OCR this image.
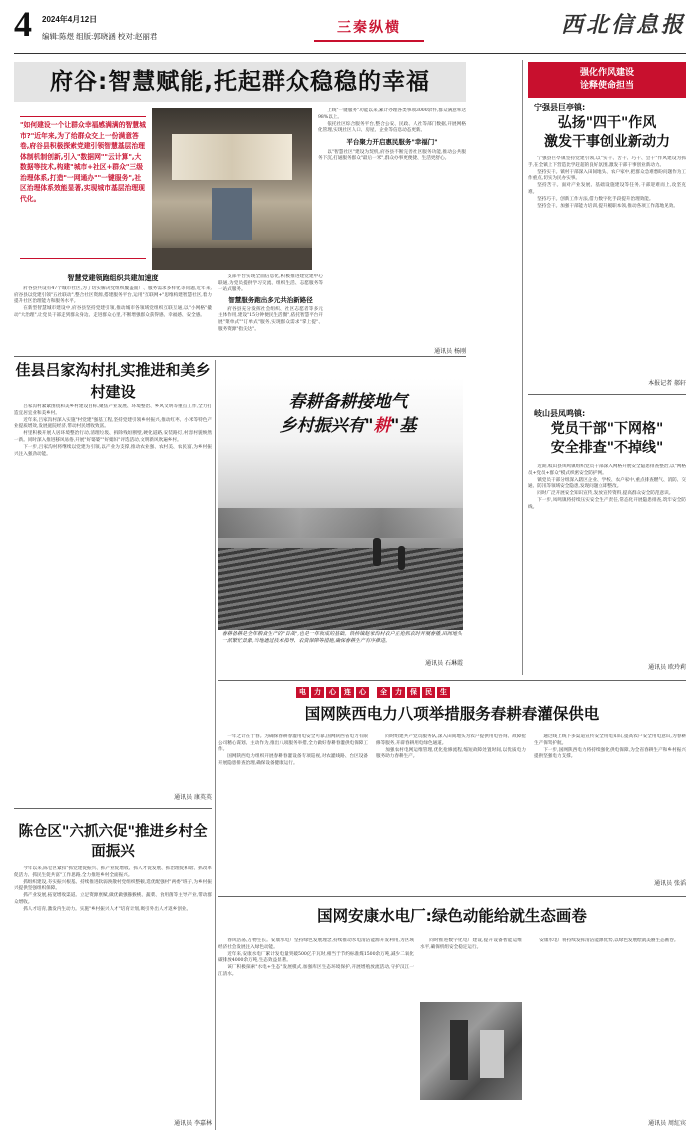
4 2024年4月12日
编辑:陈煜 组版:郭晓涵 校对:赵丽君
三秦纵横	西北信息报
府谷:智慧赋能,托起群众稳稳的幸福
"如何建设一个让群众幸福感满满的智慧城市?"近年来,为了给群众交上一份满意答卷,府谷县积极探索党建引领智慧基层治理体制机制创新,引入"数据网""云计算",大数据等技术,构建"城市+社区+群众"三级治理体系,打造"一网通办""一键服务",社区治理体系效能显著,实现城市基层治理现代化。
智慧党建领跑组织共建加速度

府谷县共设有47个城市社区,为了切实解决党组织覆盖面广、服务需求多样化等问题,近年来,府谷县以党建引领"五社联动",整合社区资源,搭建服务平台,运用"互联网+"思维构建智慧社区,着力提升社区治理能力和服务水平。

在新型智慧城市建设中,府谷县坚持党建引领,推动城市各领域党组织互联互通,以"小网格"撬动"大治理",让党员干部走到群众身边、走进群众心里,不断增强群众获得感、幸福感、安全感。

支部平台实现全面信息化,积极推进建党建中心联通,为党员提供学习交流、组织生活、志愿服务等一站式服务。

智慧服务跑出多元共治新路径

府谷县充分发挥社会组织、社区志愿者等多元主体作用,建设"15分钟便民生活圈",依托智慧平台开展"菜单式""订单式"服务,实现群众需求"掌上提"、服务资源"指尖达"。

上线"一键服务"功能以来,累计办理各类事项3000余件,群众满意率达98%以上。

依托社区综合服务平台,整合公安、民政、人社等部门数据,开展网格化管理,实现社区人口、房屋、企业等信息动态更新。

平台聚力开启惠民服务"幸福门"

以"智慧社区"建设为契机,府谷县不断完善社区服务功能,推动公共服务下沉,打通服务群众"最后一米",群众办事更便捷、生活更舒心。

通讯员 杨刚
佳县吕家沟村扎实推进和美乡村建设

吕家沟村紧紧围绕和美乡村建设目标,聚焦产业发展、环境整治、乡风文明等重点工作,全力打造宜居宜业和美乡村。

近年来,吕家沟村深入实施"村党建"强基工程,坚持党建引领乡村振兴,推动红枣、小米等特色产业提质增效,发展庭院经济,带动村民增收致富。

村里积极开展人居环境整治行动,清理垃圾、拆除残垣断壁,硬化道路,安装路灯,村容村貌焕然一新。同时深入推进移风易俗,开展"好婆婆""好媳妇"评选活动,文明新风吹遍乡村。

下一步,吕家沟村将继续以党建为引领,以产业为支撑,推动农业强、农村美、农民富,为乡村振兴注入强劲动能。

通讯员 康英英
陈仓区"六抓六促"推进乡村全面振兴

今年以来,陈仓区紧扣"抓党建促振兴、抓产业促增收、抓人才促发展、抓治理促和谐、抓改革促活力、抓民生促共富"工作思路,全力推进乡村全面振兴。

抓组织建设,夯实振兴根基。持续推进软弱涣散村党组织整顿,选优配强村"两委"班子,为乡村振兴提供坚强组织保障。

抓产业发展,拓宽增收渠道。立足资源禀赋,做优做强猕猴桃、蔬菜、食用菌等主导产业,带动群众增收。

抓人才培育,激发内生动力。实施"乡村振兴人才"培育计划,吸引外出人才返乡创业。

通讯员 李嘉林
春耕备耕接地气
乡村振兴有"耕"基
春耕备耕是全年粮食生产的"首战",也是一年收成的基础。铁桥镇赵家沟村农户正抢抓农时开展春播,田间地头一派繁忙景象,当地通过技术指导、农资保障等措施,确保春耕生产有序推进。
通讯员 石琳霞
强化作风建设
诠释使命担当
宁强县巨亭镇:
弘扬"四干"作风
激发干事创业新动力

宁强县巨亭镇坚持党建引领,以"实干、苦干、巧干、会干"作风建设为抓手,在全镇上下营造比学赶超的良好氛围,激发干部干事创业新动力。

坚持实干。镇村干部深入田间地头、农户家中,把群众急难愁盼问题作为工作重点,切实为民办实事。

坚持苦干。面对产业发展、基础设施建设等任务,干部迎难而上,攻坚克难。

坚持巧干。创新工作方法,借力数字化手段提升治理效能。

坚持会干。加强干部能力培训,提升履职本领,推动各项工作落地见效。

本报记者 郝轩
岐山县凤鸣镇:
党员干部"下网格"
安全排查"不掉线"

近期,岐山县凤鸣镇组织党员干部深入网格开展安全隐患排查整治,以"网格员+党员+群众"模式织密安全防护网。

镇党员干部分组深入辖区企业、学校、农户家中,重点排查燃气、消防、交通、防汛等领域安全隐患,发现问题立即整改。

同时广泛开展安全知识宣传,发放宣传资料,提高群众安全防范意识。

下一步,凤鸣镇将持续压实安全生产责任,常态化开展隐患排查,筑牢安全防线。

通讯员 欧玲莉
电	力	心	连	心	全	力	保	民	生
国网陕西电力八项举措服务春耕春灌保供电

一年之计在于春。为确保春耕春灌用电安全可靠,国网陕西省电力有限公司精心谋划、主动作为,推出八项服务举措,全力做好春耕春灌供电保障工作。

国网陕西电力组织开展春耕春灌设备专项巡视,对农灌线路、台区设备开展隐患排查治理,确保设备健康运行。

同时组建共产党员服务队,深入田间地头为农户提供用电咨询、故障抢修等服务,开辟春耕用电绿色通道。

加强农村电网运维管理,优化抢修流程,缩短故障处置时间,以优质电力服务助力春耕生产。

通过线上线下多渠道宣传安全用电知识,提高农户安全用电意识,为春耕生产保驾护航。

下一步,国网陕西电力将持续强化供电保障,为全省春耕生产和乡村振兴提供坚强电力支撑。

通讯员 张滔
国网安康水电厂:绿色动能给就生态画卷

春风浩荡,万物生长。安康水电厂坚持绿色发展理念,持续推动水电清洁能源开发利用,为区域经济社会发展注入绿色动能。

近年来,安康水电厂累计发电量突破500亿千瓦时,相当于节约标准煤1500余万吨,减少二氧化碳排放4000余万吨,生态效益显著。

该厂积极探索"水电+生态"发展模式,加强库区生态环境保护,开展增殖放流活动,守护汉江一江清水。

同时推进数字化电厂建设,提升设备智能运维水平,确保机组安全稳定运行。

安康水电厂将持续发挥清洁能源优势,以绿色发展绘就美丽生态画卷。

通讯员 周紅宾
